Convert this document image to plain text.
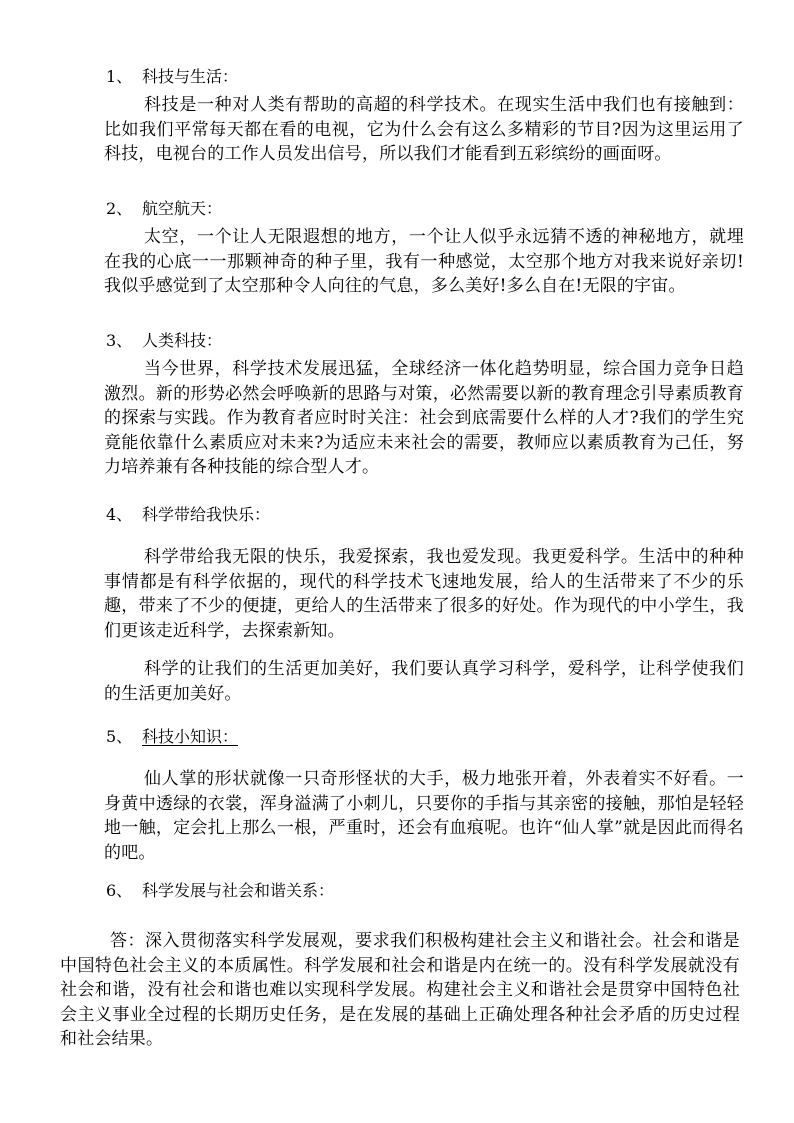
1、 科技与生活：
科技是一种对人类有帮助的高超的科学技术。在现实生活中我们也有接触到：比如我们平常每天都在看的电视，它为什么会有这么多精彩的节目?因为这里运用了科技，电视台的工作人员发出信号，所以我们才能看到五彩缤纷的画面呀。
2、 航空航天：
太空，一个让人无限遐想的地方，一个让人似乎永远猜不透的神秘地方，就埋在我的心底一一那颗神奇的种子里，我有一种感觉，太空那个地方对我来说好亲切!我似乎感觉到了太空那种令人向往的气息，多么美好!多么自在!无限的宇宙。
3、 人类科技：
当今世界，科学技术发展迅猛，全球经济一体化趋势明显，综合国力竞争日趋激烈。新的形势必然会呼唤新的思路与对策，必然需要以新的教育理念引导素质教育的探索与实践。作为教育者应时时关注：社会到底需要什么样的人才?我们的学生究竟能依靠什么素质应对未来?为适应未来社会的需要，教师应以素质教育为己任，努力培养兼有各种技能的综合型人才。
4、 科学带给我快乐：
科学带给我无限的快乐，我爱探索，我也爱发现。我更爱科学。生活中的种种事情都是有科学依据的，现代的科学技术飞速地发展，给人的生活带来了不少的乐趣，带来了不少的便捷，更给人的生活带来了很多的好处。作为现代的中小学生，我们更该走近科学，去探索新知。
科学的让我们的生活更加美好，我们要认真学习科学，爱科学，让科学使我们的生活更加美好。
5、 科技小知识：
仙人掌的形状就像一只奇形怪状的大手，极力地张开着，外表着实不好看。一身黄中透绿的衣裳，浑身溢满了小刺儿，只要你的手指与其亲密的接触，那怕是轻轻地一触，定会扎上那么一根，严重时，还会有血痕呢。也许“仙人掌”就是因此而得名的吧。
6、 科学发展与社会和谐关系：
答：深入贯彻落实科学发展观，要求我们积极构建社会主义和谐社会。社会和谐是中国特色社会主义的本质属性。科学发展和社会和谐是内在统一的。没有科学发展就没有社会和谐，没有社会和谐也难以实现科学发展。构建社会主义和谐社会是贯穿中国特色社会主义事业全过程的长期历史任务，是在发展的基础上正确处理各种社会矛盾的历史过程和社会结果。
